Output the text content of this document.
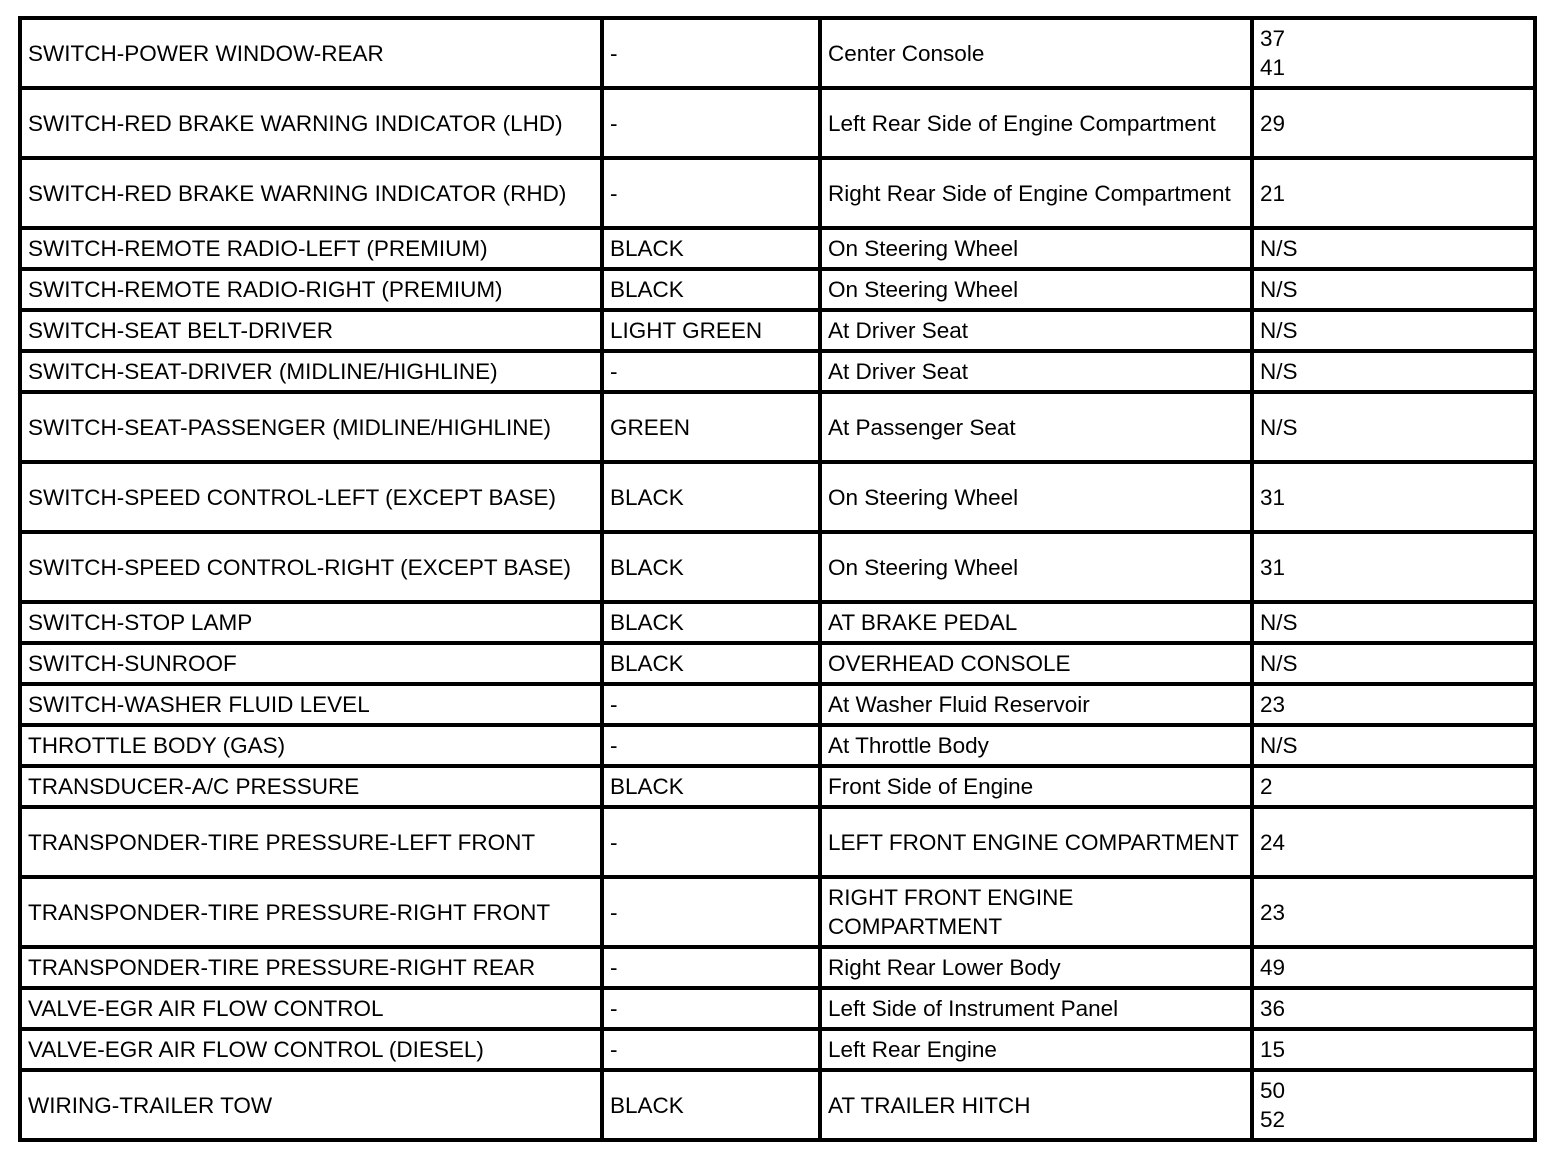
SWITCH-POWER WINDOW-REAR	-	Center Console	37
41

SWITCH-RED BRAKE WARNING INDICATOR (LHD)	-	Left Rear Side of Engine Compartment	29

SWITCH-RED BRAKE WARNING INDICATOR (RHD)	-	Right Rear Side of Engine Compartment	21

SWITCH-REMOTE RADIO-LEFT (PREMIUM)	BLACK	On Steering Wheel	N/S

SWITCH-REMOTE RADIO-RIGHT (PREMIUM)	BLACK	On Steering Wheel	N/S

SWITCH-SEAT BELT-DRIVER	LIGHT GREEN	At Driver Seat	N/S

SWITCH-SEAT-DRIVER (MIDLINE/HIGHLINE)	-	At Driver Seat	N/S

SWITCH-SEAT-PASSENGER (MIDLINE/HIGHLINE)	GREEN	At Passenger Seat	N/S

SWITCH-SPEED CONTROL-LEFT (EXCEPT BASE)	BLACK	On Steering Wheel	31

SWITCH-SPEED CONTROL-RIGHT (EXCEPT BASE)	BLACK	On Steering Wheel	31

SWITCH-STOP LAMP	BLACK	AT BRAKE PEDAL	N/S

SWITCH-SUNROOF	BLACK	OVERHEAD CONSOLE	N/S

SWITCH-WASHER FLUID LEVEL	-	At Washer Fluid Reservoir	23

THROTTLE BODY (GAS)	-	At Throttle Body	N/S

TRANSDUCER-A/C PRESSURE	BLACK	Front Side of Engine	2

TRANSPONDER-TIRE PRESSURE-LEFT FRONT	-	LEFT FRONT ENGINE COMPARTMENT	24

TRANSPONDER-TIRE PRESSURE-RIGHT FRONT	-	RIGHT FRONT ENGINE COMPARTMENT	23

TRANSPONDER-TIRE PRESSURE-RIGHT REAR	-	Right Rear Lower Body	49

VALVE-EGR AIR FLOW CONTROL	-	Left Side of Instrument Panel	36

VALVE-EGR AIR FLOW CONTROL (DIESEL)	-	Left Rear Engine	15

WIRING-TRAILER TOW	BLACK	AT TRAILER HITCH	50
52
